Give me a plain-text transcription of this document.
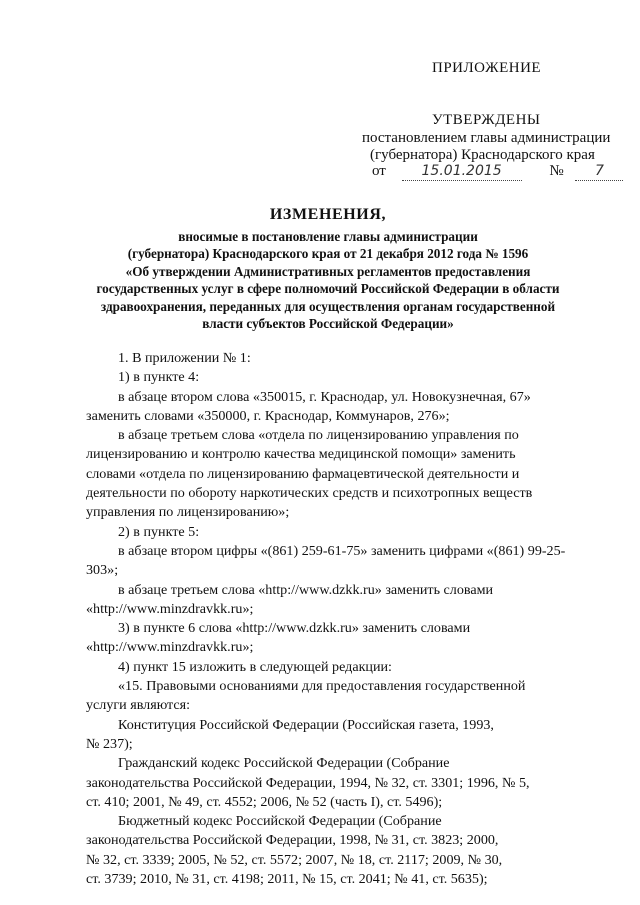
ПРИЛОЖЕНИЕ
УТВЕРЖДЕНЫ
постановлением главы администрации
(губернатора) Краснодарского края
от	15.01.2015	№ 7
ИЗМЕНЕНИЯ,
вносимые в постановление главы администрации
(губернатора) Краснодарского края от 21 декабря 2012 года № 1596
«Об утверждении Административных регламентов предоставления
государственных услуг в сфере полномочий Российской Федерации в области
здравоохранения, переданных для осуществления органам государственной
власти субъектов Российской Федерации»
1. В приложении № 1:
1) в пункте 4:
в абзаце втором слова «350015, г. Краснодар, ул. Новокузнечная, 67»
заменить словами «350000, г. Краснодар, Коммунаров, 276»;
в абзаце третьем слова «отдела по лицензированию управления по
лицензированию и контролю качества медицинской помощи» заменить
словами «отдела по лицензированию фармацевтической деятельности и
деятельности по обороту наркотических средств и психотропных веществ
управления по лицензированию»;
2) в пункте 5:
в абзаце втором цифры «(861) 259-61-75» заменить цифрами «(861) 99-25-
303»;
в абзаце третьем слова «http://www.dzkk.ru» заменить словами
«http://www.minzdravkk.ru»;
3) в пункте 6 слова «http://www.dzkk.ru» заменить словами
«http://www.minzdravkk.ru»;
4) пункт 15 изложить в следующей редакции:
«15. Правовыми основаниями для предоставления государственной
услуги являются:
Конституция Российской Федерации (Российская газета, 1993,
№ 237);
Гражданский кодекс Российской Федерации (Собрание
законодательства Российской Федерации, 1994, № 32, ст. 3301; 1996, № 5,
ст. 410; 2001, № 49, ст. 4552; 2006, № 52 (часть I), ст. 5496);
Бюджетный кодекс Российской Федерации (Собрание
законодательства Российской Федерации, 1998, № 31, ст. 3823; 2000,
№ 32, ст. 3339; 2005, № 52, ст. 5572; 2007, № 18, ст. 2117; 2009, № 30,
ст. 3739; 2010, № 31, ст. 4198; 2011, № 15, ст. 2041; № 41, ст. 5635);
